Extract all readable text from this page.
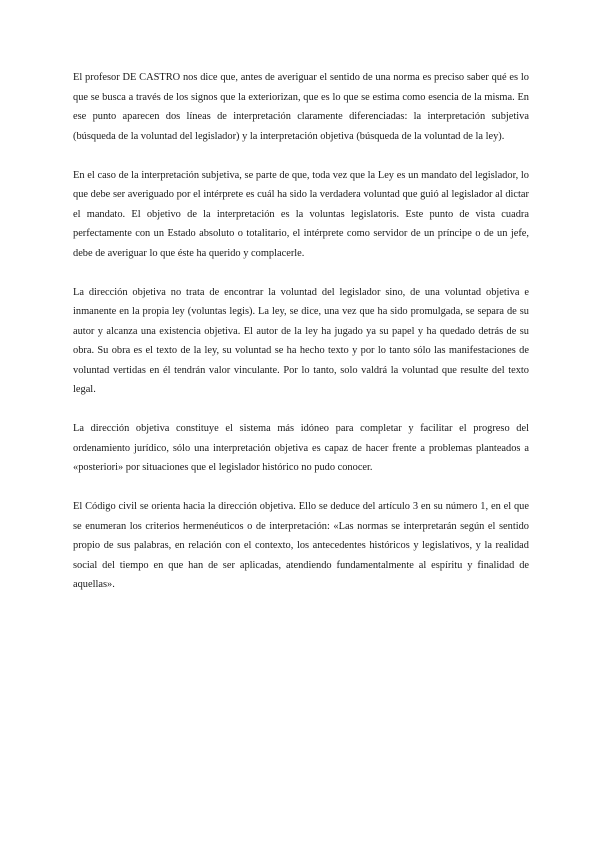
El profesor DE CASTRO nos dice que, antes de averiguar el sentido de una norma es preciso saber qué es lo que se busca a través de los signos que la exteriorizan, que es lo que se estima como esencia de la misma. En ese punto aparecen dos líneas de interpretación claramente diferenciadas: la interpretación subjetiva (búsqueda de la voluntad del legislador) y la interpretación objetiva (búsqueda de la voluntad de la ley).

En el caso de la interpretación subjetiva, se parte de que, toda vez que la Ley es un mandato del legislador, lo que debe ser averiguado por el intérprete es cuál ha sido la verdadera voluntad que guió al legislador al dictar el mandato. El objetivo de la interpretación es la voluntas legislatoris. Este punto de vista cuadra perfectamente con un Estado absoluto o totalitario, el intérprete como servidor de un príncipe o de un jefe, debe de averiguar lo que éste ha querido y complacerle.

La dirección objetiva no trata de encontrar la voluntad del legislador sino, de una voluntad objetiva e inmanente en la propia ley (voluntas legis). La ley, se dice, una vez que ha sido promulgada, se separa de su autor y alcanza una existencia objetiva. El autor de la ley ha jugado ya su papel y ha quedado detrás de su obra. Su obra es el texto de la ley, su voluntad se ha hecho texto y por lo tanto sólo las manifestaciones de voluntad vertidas en él tendrán valor vinculante. Por lo tanto, solo valdrá la voluntad que resulte del texto legal.

La dirección objetiva constituye el sistema más idóneo para completar y facilitar el progreso del ordenamiento jurídico, sólo una interpretación objetiva es capaz de hacer frente a problemas planteados a «posteriori» por situaciones que el legislador histórico no pudo conocer.

El Código civil se orienta hacia la dirección objetiva. Ello se deduce del artículo 3 en su número 1, en el que se enumeran los criterios hermenéuticos o de interpretación: «Las normas se interpretarán según el sentido propio de sus palabras, en relación con el contexto, los antecedentes históricos y legislativos, y la realidad social del tiempo en que han de ser aplicadas, atendiendo fundamentalmente al espíritu y finalidad de aquellas».
